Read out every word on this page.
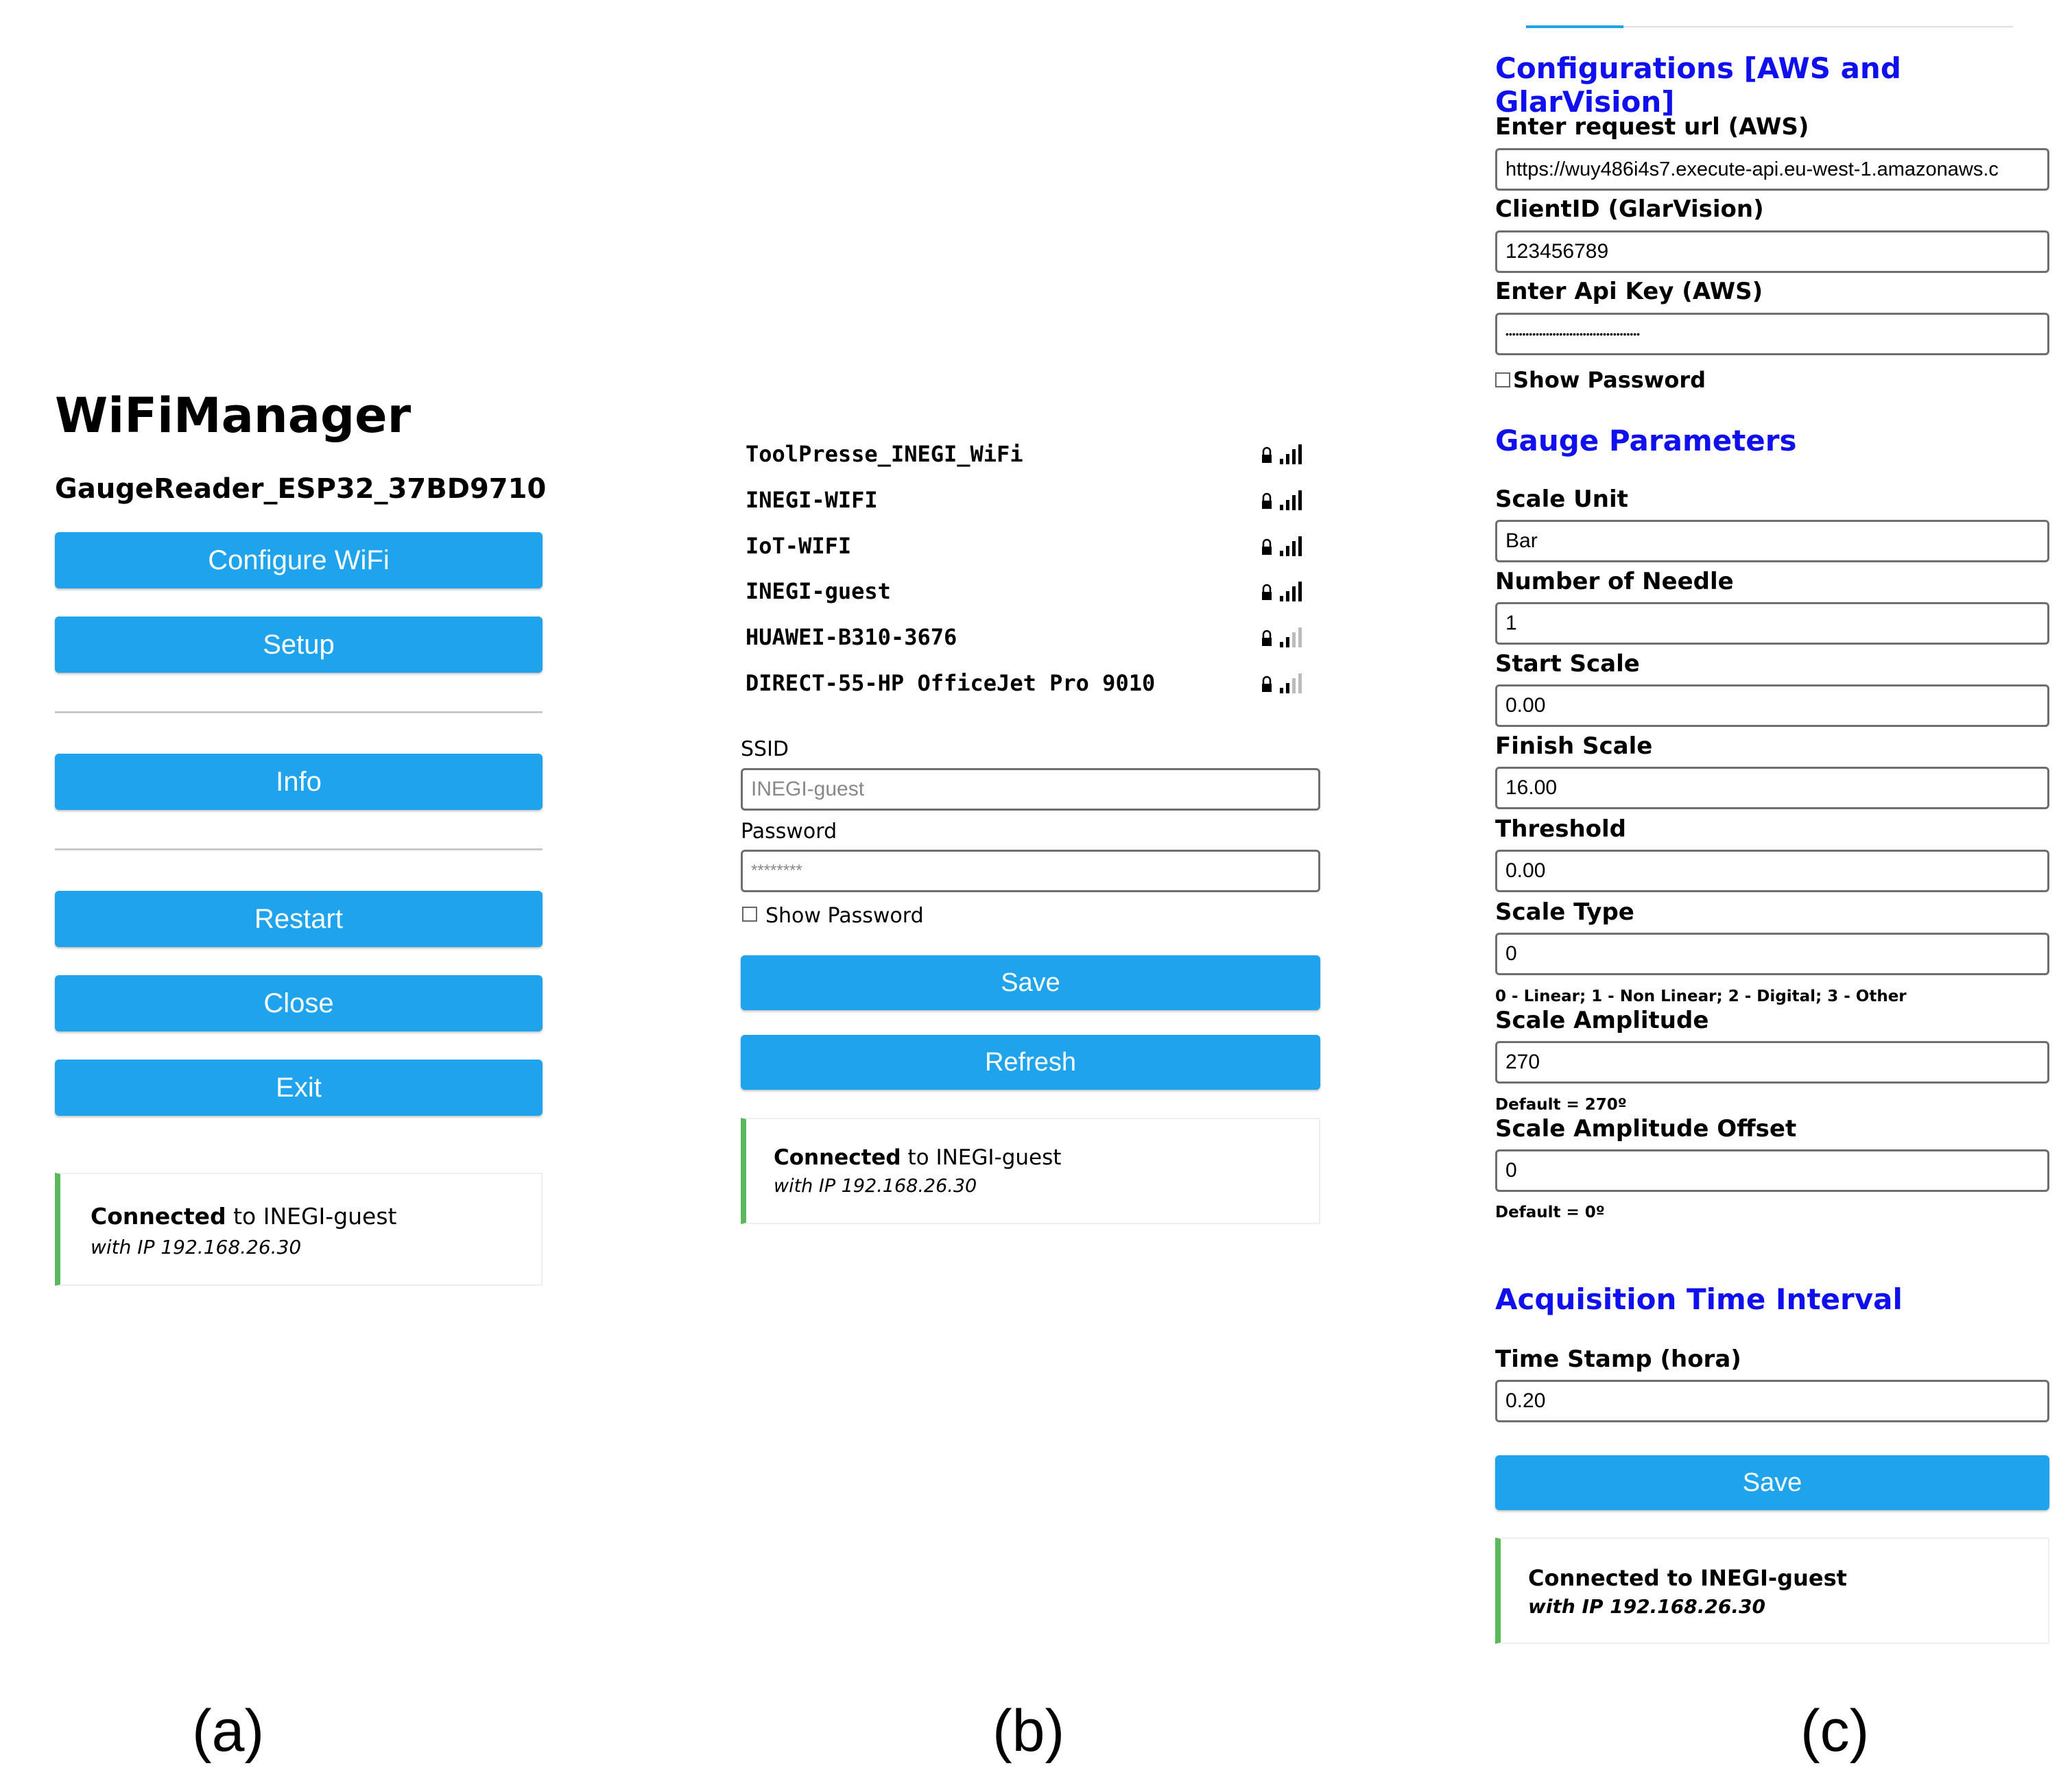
WiFiManager
GaugeReader_ESP32_37BD9710
Configure WiFi
Setup
Info
Restart
Close
Exit
Connected to INEGI-guest
with IP 192.168.26.30
(a)
ToolPresse_INEGI_WiFi
INEGI-WIFI
IoT-WIFI
INEGI-guest
HUAWEI-B310-3676
DIRECT-55-HP OfficeJet Pro 9010
SSID
INEGI-guest
Password
********
Show Password
Save
Refresh
Connected to INEGI-guest
with IP 192.168.26.30
(b)
Configurations [AWS and GlarVision]
Enter request url (AWS)
https://wuy486i4s7.execute-api.eu-west-1.amazonaws.c
ClientID (GlarVision)
123456789
Enter Api Key (AWS)
••••••••••••••••••••••••••••••••••••••••
Show Password
Gauge Parameters
Scale Unit
Bar
Number of Needle
1
Start Scale
0.00
Finish Scale
16.00
Threshold
0.00
Scale Type
0
0 - Linear; 1 - Non Linear; 2 - Digital; 3 - Other
Scale Amplitude
270
Default = 270º
Scale Amplitude Offset
0
Default = 0º
Acquisition Time Interval
Time Stamp (hora)
0.20
Save
Connected to INEGI-guest
with IP 192.168.26.30
(c)
